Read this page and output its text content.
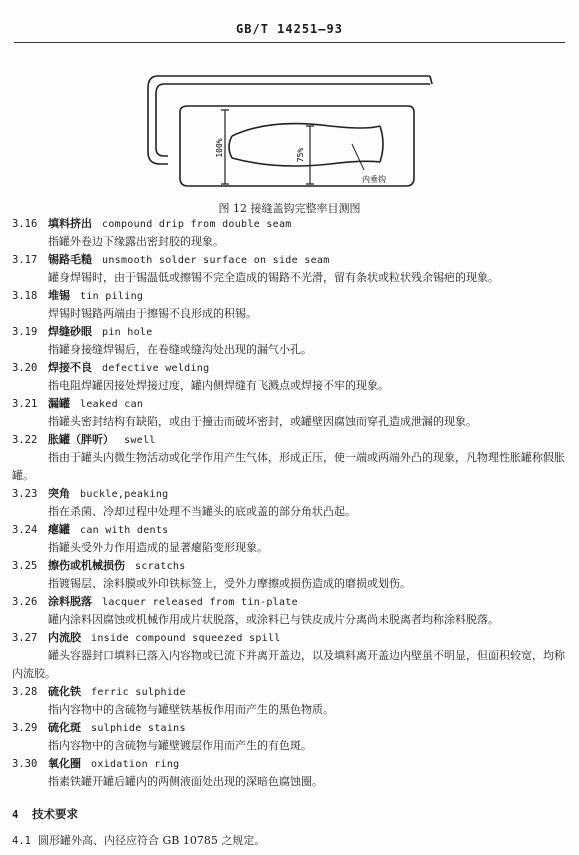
GB/T 14251—93
100%	75%
内垂钩
图 12 接缝盖钩完整率目测图
3.16 填料挤出 compound drip from double seam

指罐外卷边下缘露出密封胶的现象。

3.17 锡路毛糙 unsmooth solder surface on side seam

罐身焊锡时，由于锡温低或擦锡不完全造成的锡路不光滑，留有条状或粒状残余锡疤的现象。

3.18 堆锡 tin piling

焊锡时锡路两端由于擦锡不良形成的积锡。

3.19 焊缝砂眼 pin hole

指罐身接缝焊锡后，在卷缝或缝沟处出现的漏气小孔。

3.20 焊接不良 defective welding

指电阻焊罐因接处焊接过度，罐内侧焊缝有飞溅点或焊接不牢的现象。

3.21 漏罐 leaked can

指罐头密封结构有缺陷，或由于撞击而破坏密封，或罐壁因腐蚀而穿孔造成泄漏的现象。

3.22 胀罐（胖听） swell

指由于罐头内微生物活动或化学作用产生气体，形成正压，使一端或两端外凸的现象，凡物理性胀罐称假胀罐。

3.23 突角 buckle,peaking

指在杀菌、冷却过程中处理不当罐头的底或盖的部分角状凸起。

3.24 瘪罐 can with dents

指罐头受外力作用造成的显著瘪陷变形现象。

3.25 擦伤或机械损伤 scratchs

指镀锡层、涂料膜或外印铁标签上，受外力摩擦或损伤造成的磨损或划伤。

3.26 涂料脱落 lacquer released from tin-plate

罐内涂料因腐蚀或机械作用成片状脱落，或涂料已与铁皮成片分离尚未脱离者均称涂料脱落。

3.27 内流胶 inside compound squeezed spill

罐头容器封口填料已落入内容物或已流下并离开盖边，以及填料离开盖边内壁虽不明显，但面积较宽，均称内流胶。

3.28 硫化铁 ferric sulphide

指内容物中的含硫物与罐壁铁基板作用而产生的黑色物质。

3.29 硫化斑 sulphide stains

指内容物中的含硫物与罐壁镀层作用而产生的有色斑。

3.30 氧化圈 oxidation ring

指素铁罐开罐后罐内的两侧液面处出现的深暗色腐蚀圈。

4 技术要求
4.1 圆形罐外高、内径应符合 GB 10785 之规定。
